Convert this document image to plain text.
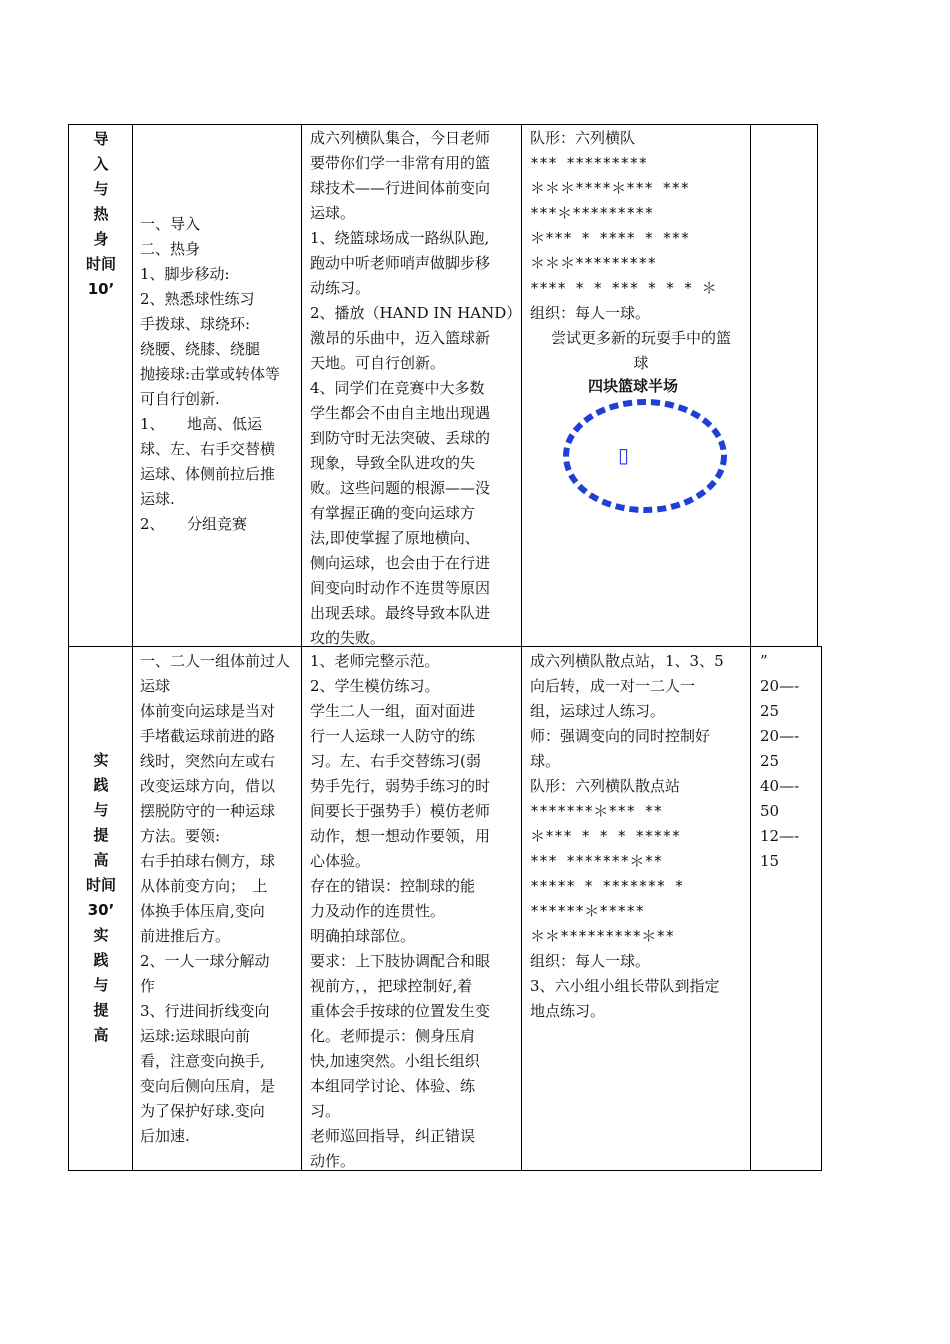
导
入
与
热
身
时间
10’
一、导入
二、热身
1、脚步移动:
2、熟悉球性练习
手拨球、球绕环:
绕腰、绕膝、绕腿
抛接球:击掌或转体等
可自行创新.
1、　　地高、低运
球、左、右手交替横
运球、体侧前拉后推
运球.
2、　　分组竞赛
成六列横队集合，今日老师
要带你们学一非常有用的篮
球技术——行进间体前变向
运球。
1、绕篮球场成一路纵队跑,
跑动中听老师哨声做脚步移
动练习。
2、播放（HAND IN HAND）
激昂的乐曲中，迈入篮球新
天地。可自行创新。
4、同学们在竞赛中大多数
学生都会不由自主地出现遇
到防守时无法突破、丢球的
现象，导致全队进攻的失
败。这些问题的根源——没
有掌握正确的变向运球方
法,即使掌握了原地横向、
侧向运球，也会由于在行进
间变向时动作不连贯等原因
出现丢球。最终导致本队进
攻的失败。
队形：六列横队
*** *********
＊＊＊****＊*** ***
***＊*********
＊*** * **** * ***
＊＊＊*********
**** * * *** * * * ＊
组织：每人一球。
尝试更多新的玩耍手中的篮
球
四块篮球半场
▯
实
践
与
提
高
时间
30’
实
践
与
提
高
一、二人一组体前过人
运球
体前变向运球是当对
手堵截运球前进的路
线时，突然向左或右
改变运球方向，借以
摆脱防守的一种运球
方法。要领:
右手拍球右侧方，球
从体前变方向；　上
体换手体压肩,变向
前进推后方。
2、一人一球分解动
作
3、行进间折线变向
运球:运球眼向前
看，注意变向换手,
变向后侧向压肩，是
为了保护好球.变向
后加速.
1、老师完整示范。
2、学生模仿练习。
学生二人一组，面对面进
行一人运球一人防守的练
习。左、右手交替练习(弱
势手先行，弱势手练习的时
间要长于强势手）模仿老师
动作，想一想动作要领，用
心体验。
存在的错误：控制球的能
力及动作的连贯性。
明确拍球部位。
要求：上下肢协调配合和眼
视前方，，把球控制好,着
重体会手按球的位置发生变
化。老师提示：侧身压肩
快,加速突然。小组长组织
本组同学讨论、体验、练
习。
老师巡回指导，纠正错误
动作。
成六列横队散点站，1、3、5
向后转，成一对一二人一
组，运球过人练习。
师：强调变向的同时控制好
球。
队形：六列横队散点站
*******＊*** **
＊*** * * * *****
*** *******＊**
***** * ******* *
******＊*****
＊＊*********＊**
组织：每人一球。
3、六小组小组长带队到指定
地点练习。
”
20—-
25
20—-
25
40—-
50
12—-
15
